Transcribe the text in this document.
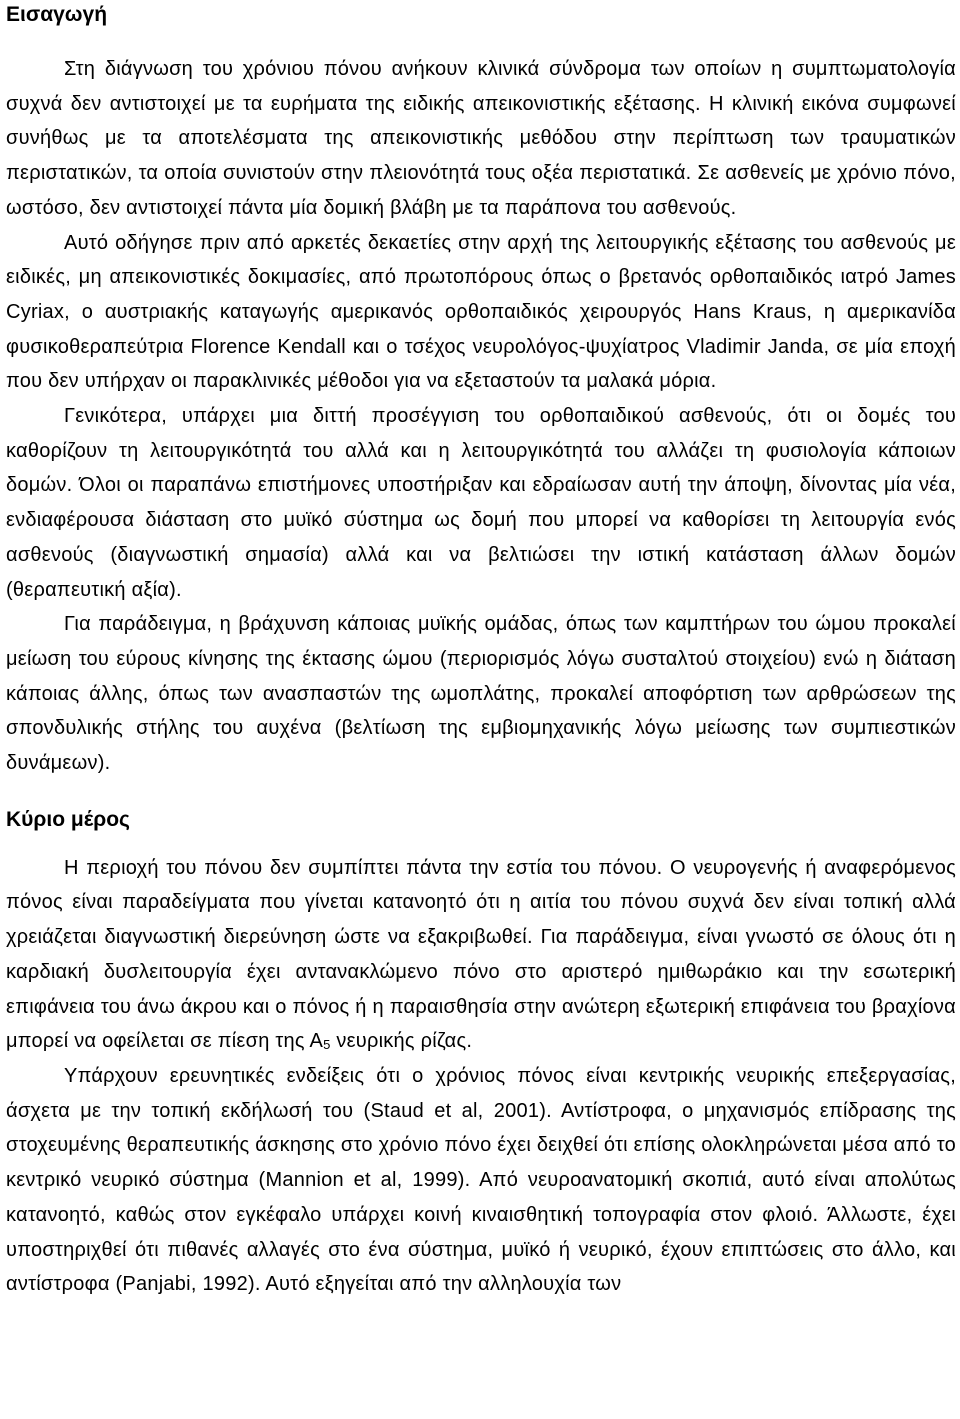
Εισαγωγή

Στη διάγνωση του χρόνιου πόνου ανήκουν κλινικά σύνδρομα των οποίων η συμπτωματολογία συχνά δεν αντιστοιχεί με τα ευρήματα της ειδικής απεικονιστικής εξέτασης. Η κλινική εικόνα συμφωνεί συνήθως με τα αποτελέσματα της απεικονιστικής μεθόδου στην περίπτωση των τραυματικών περιστατικών, τα οποία συνιστούν στην πλειονότητά τους οξέα περιστατικά. Σε ασθενείς με χρόνιο πόνο, ωστόσο, δεν αντιστοιχεί πάντα μία δομική βλάβη με τα παράπονα του ασθενούς.

Αυτό οδήγησε πριν από αρκετές δεκαετίες στην αρχή της λειτουργικής εξέτασης του ασθενούς με ειδικές, μη απεικονιστικές δοκιμασίες, από πρωτοπόρους όπως ο βρετανός ορθοπαιδικός ιατρό James Cyriax, ο αυστριακής καταγωγής αμερικανός ορθοπαιδικός χειρουργός Hans Kraus, η αμερικανίδα φυσικοθεραπεύτρια Florence Kendall και ο τσέχος νευρολόγος-ψυχίατρος Vladimir Janda, σε μία εποχή που δεν υπήρχαν οι παρακλινικές μέθοδοι για να εξεταστούν τα μαλακά μόρια.

Γενικότερα, υπάρχει μια διττή προσέγγιση του ορθοπαιδικού ασθενούς, ότι οι δομές του καθορίζουν τη λειτουργικότητά του αλλά και η λειτουργικότητά του αλλάζει τη φυσιολογία κάποιων δομών. Όλοι οι παραπάνω επιστήμονες υποστήριξαν και εδραίωσαν αυτή την άποψη, δίνοντας μία νέα, ενδιαφέρουσα διάσταση στο μυϊκό σύστημα ως δομή που μπορεί να καθορίσει τη λειτουργία ενός ασθενούς (διαγνωστική σημασία) αλλά και να βελτιώσει την ιστική κατάσταση άλλων δομών (θεραπευτική αξία).

Για παράδειγμα, η βράχυνση κάποιας μυϊκής ομάδας, όπως των καμπτήρων του ώμου προκαλεί μείωση του εύρους κίνησης της έκτασης ώμου (περιορισμός λόγω συσταλτού στοιχείου) ενώ η διάταση κάποιας άλλης, όπως των ανασπαστών της ωμοπλάτης, προκαλεί αποφόρτιση των αρθρώσεων της σπονδυλικής στήλης του αυχένα (βελτίωση της εμβιομηχανικής λόγω μείωσης των συμπιεστικών δυνάμεων).

Κύριο μέρος

Η περιοχή του πόνου δεν συμπίπτει πάντα την εστία του πόνου. Ο νευρογενής ή αναφερόμενος πόνος είναι παραδείγματα που γίνεται κατανοητό ότι η αιτία του πόνου συχνά δεν είναι τοπική αλλά χρειάζεται διαγνωστική διερεύνηση ώστε να εξακριβωθεί. Για παράδειγμα, είναι γνωστό σε όλους ότι η καρδιακή δυσλειτουργία έχει αντανακλώμενο πόνο στο αριστερό ημιθωράκιο και την εσωτερική επιφάνεια του άνω άκρου και ο πόνος ή η παραισθησία στην ανώτερη εξωτερική επιφάνεια του βραχίονα μπορεί να οφείλεται σε πίεση της $A_5$ νευρικής ρίζας.

Υπάρχουν ερευνητικές ενδείξεις ότι ο χρόνιος πόνος είναι κεντρικής νευρικής επεξεργασίας, άσχετα με την τοπική εκδήλωσή του (Staud et al, 2001). Αντίστροφα, ο μηχανισμός επίδρασης της στοχευμένης θεραπευτικής άσκησης στο χρόνιο πόνο έχει δειχθεί ότι επίσης ολοκληρώνεται μέσα από το κεντρικό νευρικό σύστημα (Mannion et al, 1999). Από νευροανατομική σκοπιά, αυτό είναι απολύτως κατανοητό, καθώς στον εγκέφαλο υπάρχει κοινή κιναισθητική τοπογραφία στον φλοιό. Άλλωστε, έχει υποστηριχθεί ότι πιθανές αλλαγές στο ένα σύστημα, μυϊκό ή νευρικό, έχουν επιπτώσεις στο άλλο, και αντίστροφα (Panjabi, 1992). Αυτό εξηγείται από την αλληλουχία των
